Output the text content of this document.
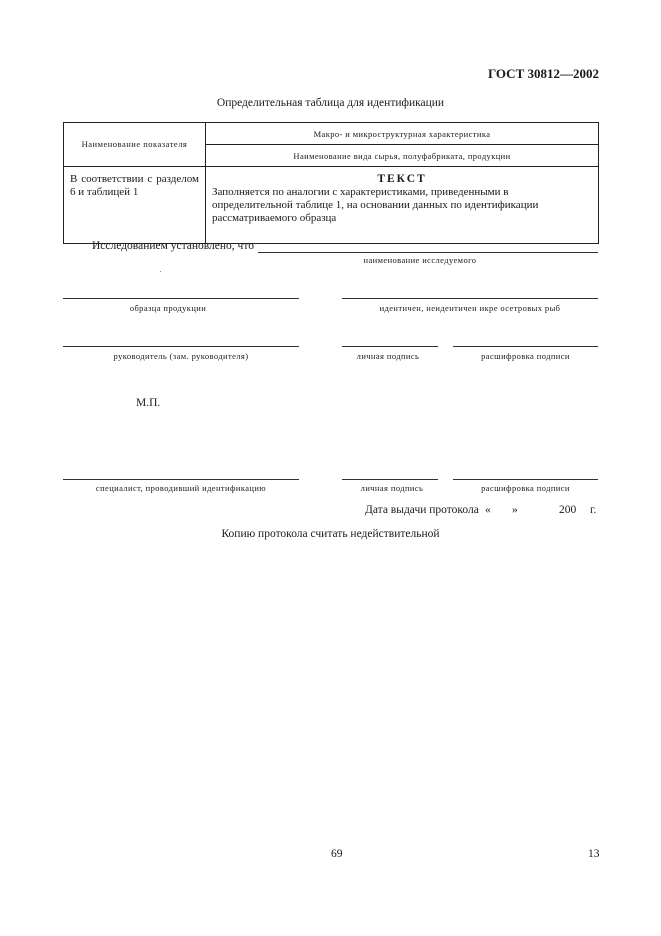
ГОСТ 30812—2002
Определительная таблица для идентификации
Наименование показателя	Макро- и микроструктурная характеристика
	Наименование вида сырья, полуфабриката, продукции
В соответствии с разделом 6 и таблицей 1	ТЕКСТ
Заполняется по аналогии с характеристиками, приведенными в определительной таблице 1, на основании данных по идентификации рассматриваемого образца
Исследованием установлено, что
наименование исследуемого
образца продукции	идентичен, неидентичен икре осетровых рыб
руководитель (зам. руководителя)	личная подпись	расшифровка подписи
М.П.
специалист, проводивший идентификацию	личная подпись	расшифровка подписи
Дата выдачи протокола « »	200 г.
Копию протокола считать недействительной
69	13
